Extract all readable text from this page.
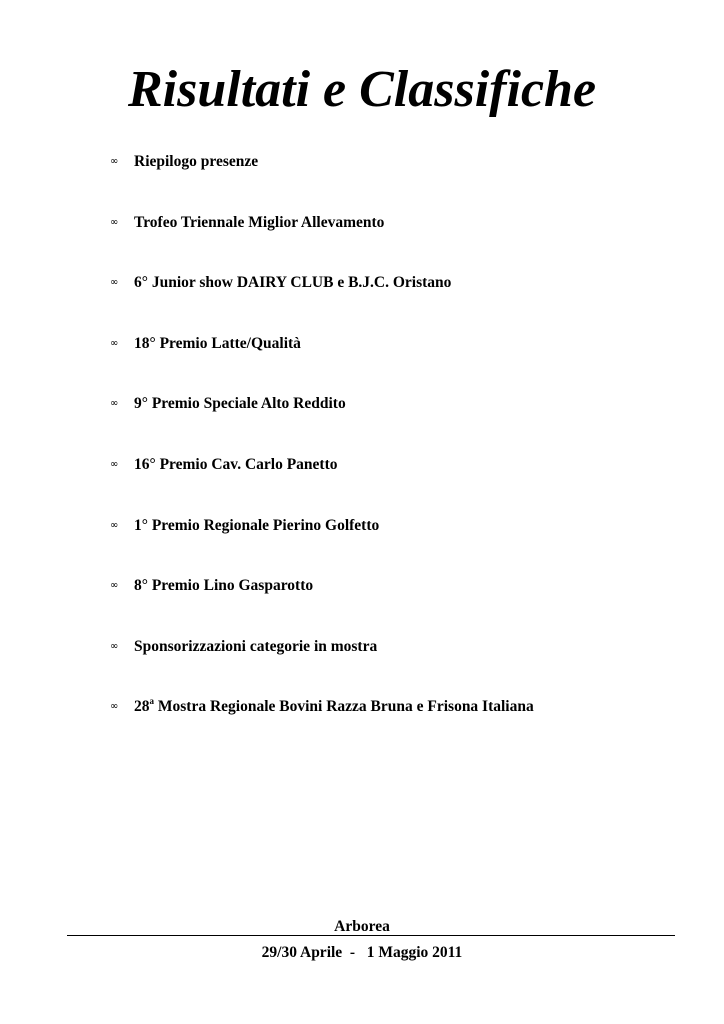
Risultati e Classifiche
∞	Riepilogo presenze
∞	Trofeo Triennale Miglior Allevamento
∞	6° Junior show DAIRY CLUB e B.J.C. Oristano
∞	18° Premio Latte/Qualità
∞	9° Premio Speciale Alto Reddito
∞	16° Premio Cav. Carlo Panetto
∞	1° Premio Regionale Pierino Golfetto
∞	8° Premio Lino Gasparotto
∞	Sponsorizzazioni categorie in mostra
∞	28$^a$ Mostra Regionale Bovini Razza Bruna e Frisona Italiana
Arborea
29/30 Aprile  -   1 Maggio 2011
